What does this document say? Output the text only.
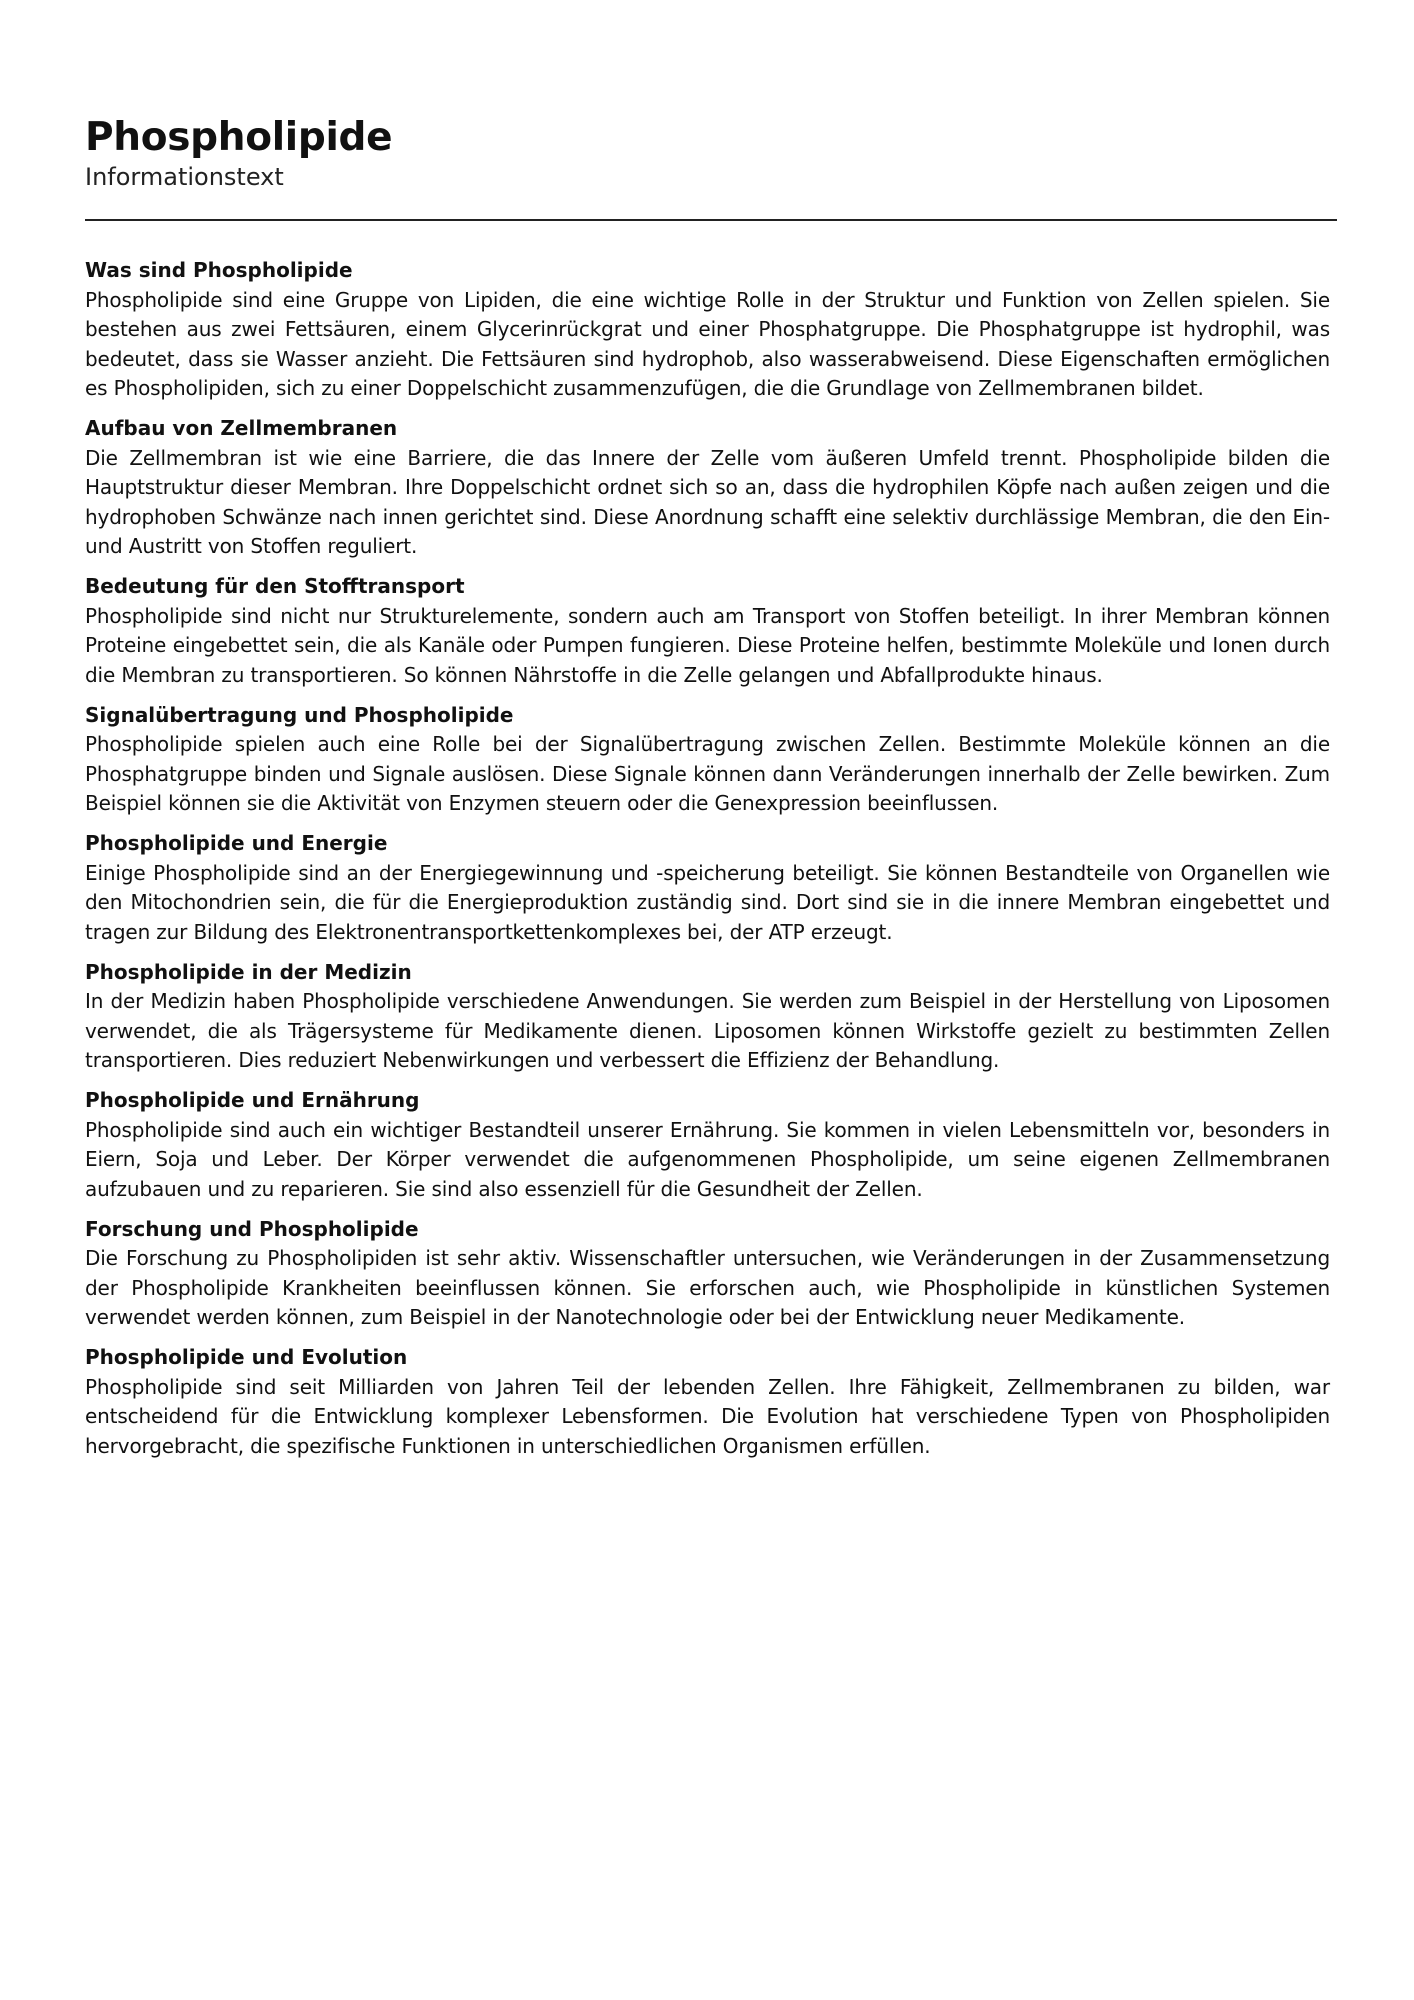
Phospholipide

Informationstext

Was sind Phospholipide

Phospholipide sind eine Gruppe von Lipiden, die eine wichtige Rolle in der Struktur und Funktion von Zellen spielen. Sie bestehen aus zwei Fettsäuren, einem Glycerinrückgrat und einer Phosphatgruppe. Die Phosphatgruppe ist hydrophil, was bedeutet, dass sie Wasser anzieht. Die Fettsäuren sind hydrophob, also wasserabweisend. Diese Eigenschaften ermöglichen es Phospholipiden, sich zu einer Doppelschicht zusammenzufügen, die die Grundlage von Zellmembranen bildet.

Aufbau von Zellmembranen

Die Zellmembran ist wie eine Barriere, die das Innere der Zelle vom äußeren Umfeld trennt. Phospholipide bilden die Hauptstruktur dieser Membran. Ihre Doppelschicht ordnet sich so an, dass die hydrophilen Köpfe nach außen zeigen und die hydrophoben Schwänze nach innen gerichtet sind. Diese Anordnung schafft eine selektiv durchlässige Membran, die den Ein- und Austritt von Stoffen reguliert.

Bedeutung für den Stofftransport

Phospholipide sind nicht nur Strukturelemente, sondern auch am Transport von Stoffen beteiligt. In ihrer Membran können Proteine eingebettet sein, die als Kanäle oder Pumpen fungieren. Diese Proteine helfen, bestimmte Moleküle und Ionen durch die Membran zu transportieren. So können Nährstoffe in die Zelle gelangen und Abfallprodukte hinaus.

Signalübertragung und Phospholipide

Phospholipide spielen auch eine Rolle bei der Signalübertragung zwischen Zellen. Bestimmte Moleküle können an die Phosphatgruppe binden und Signale auslösen. Diese Signale können dann Veränderungen innerhalb der Zelle bewirken. Zum Beispiel können sie die Aktivität von Enzymen steuern oder die Genexpression beeinflussen.

Phospholipide und Energie

Einige Phospholipide sind an der Energiegewinnung und -speicherung beteiligt. Sie können Bestandteile von Organellen wie den Mitochondrien sein, die für die Energieproduktion zuständig sind. Dort sind sie in die innere Membran eingebettet und tragen zur Bildung des Elektronentransportkettenkomplexes bei, der ATP erzeugt.

Phospholipide in der Medizin

In der Medizin haben Phospholipide verschiedene Anwendungen. Sie werden zum Beispiel in der Herstellung von Liposomen verwendet, die als Trägersysteme für Medikamente dienen. Liposomen können Wirkstoffe gezielt zu bestimmten Zellen transportieren. Dies reduziert Nebenwirkungen und verbessert die Effizienz der Behandlung.

Phospholipide und Ernährung

Phospholipide sind auch ein wichtiger Bestandteil unserer Ernährung. Sie kommen in vielen Lebensmitteln vor, besonders in Eiern, Soja und Leber. Der Körper verwendet die aufgenommenen Phospholipide, um seine eigenen Zellmembranen aufzubauen und zu reparieren. Sie sind also essenziell für die Gesundheit der Zellen.

Forschung und Phospholipide

Die Forschung zu Phospholipiden ist sehr aktiv. Wissenschaftler untersuchen, wie Veränderungen in der Zusammensetzung der Phospholipide Krankheiten beeinflussen können. Sie erforschen auch, wie Phospholipide in künstlichen Systemen verwendet werden können, zum Beispiel in der Nanotechnologie oder bei der Entwicklung neuer Medikamente.

Phospholipide und Evolution

Phospholipide sind seit Milliarden von Jahren Teil der lebenden Zellen. Ihre Fähigkeit, Zellmembranen zu bilden, war entscheidend für die Entwicklung komplexer Lebensformen. Die Evolution hat verschiedene Typen von Phospholipiden hervorgebracht, die spezifische Funktionen in unterschiedlichen Organismen erfüllen.
